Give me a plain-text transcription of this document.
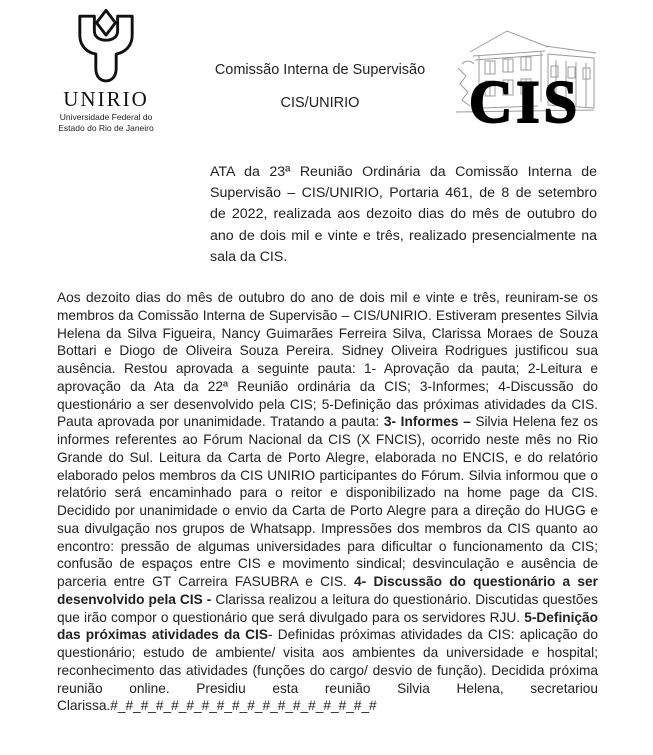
UNIRIO
Universidade Federal do
Estado do Rio de Janeiro
Comissão Interna de Supervisão
CIS/UNIRIO	CIS
ATA da 23ª Reunião Ordinária da Comissão Interna de Supervisão – CIS/UNIRIO, Portaria 461, de 8 de setembro de 2022, realizada aos dezoito dias do mês de outubro do ano de dois mil e vinte e três, realizado presencialmente na sala da CIS.
Aos dezoito dias do mês de outubro do ano de dois mil e vinte e três, reuniram-se os membros da Comissão Interna de Supervisão – CIS/UNIRIO. Estiveram presentes Silvia Helena da Silva Figueira, Nancy Guimarães Ferreira Silva, Clarissa Moraes de Souza Bottari e Diogo de Oliveira Souza Pereira. Sidney Oliveira Rodrigues justificou sua ausência. Restou aprovada a seguinte pauta: 1- Aprovação da pauta; 2-Leitura e aprovação da Ata da 22ª Reunião ordinária da CIS; 3-Informes; 4-Discussão do questionário a ser desenvolvido pela CIS; 5-Definição das próximas atividades da CIS. Pauta aprovada por unanimidade. Tratando a pauta: 3- Informes – Silvia Helena fez os informes referentes ao Fórum Nacional da CIS (X FNCIS), ocorrido neste mês no Rio Grande do Sul. Leitura da Carta de Porto Alegre, elaborada no ENCIS, e do relatório elaborado pelos membros da CIS UNIRIO participantes do Fórum. Silvia informou que o relatório será encaminhado para o reitor e disponibilizado na home page da CIS. Decidido por unanimidade o envio da Carta de Porto Alegre para a direção do HUGG e sua divulgação nos grupos de Whatsapp. Impressões dos membros da CIS quanto ao encontro: pressão de algumas universidades para dificultar o funcionamento da CIS; confusão de espaços entre CIS e movimento sindical; desvinculação e ausência de parceria entre GT Carreira FASUBRA e CIS. 4- Discussão do questionário a ser desenvolvido pela CIS - Clarissa realizou a leitura do questionário. Discutidas questões que irão compor o questionário que será divulgado para os servidores RJU. 5-Definição das próximas atividades da CIS- Definidas próximas atividades da CIS: aplicação do questionário; estudo de ambiente/ visita aos ambientes da universidade e hospital; reconhecimento das atividades (funções do cargo/ desvio de função). Decidida próxima reunião online. Presidiu esta reunião Silvia Helena, secretariou Clarissa.#_#_#_#_#_#_#_#_#_#_#_#_#_#_#_#_#_#
